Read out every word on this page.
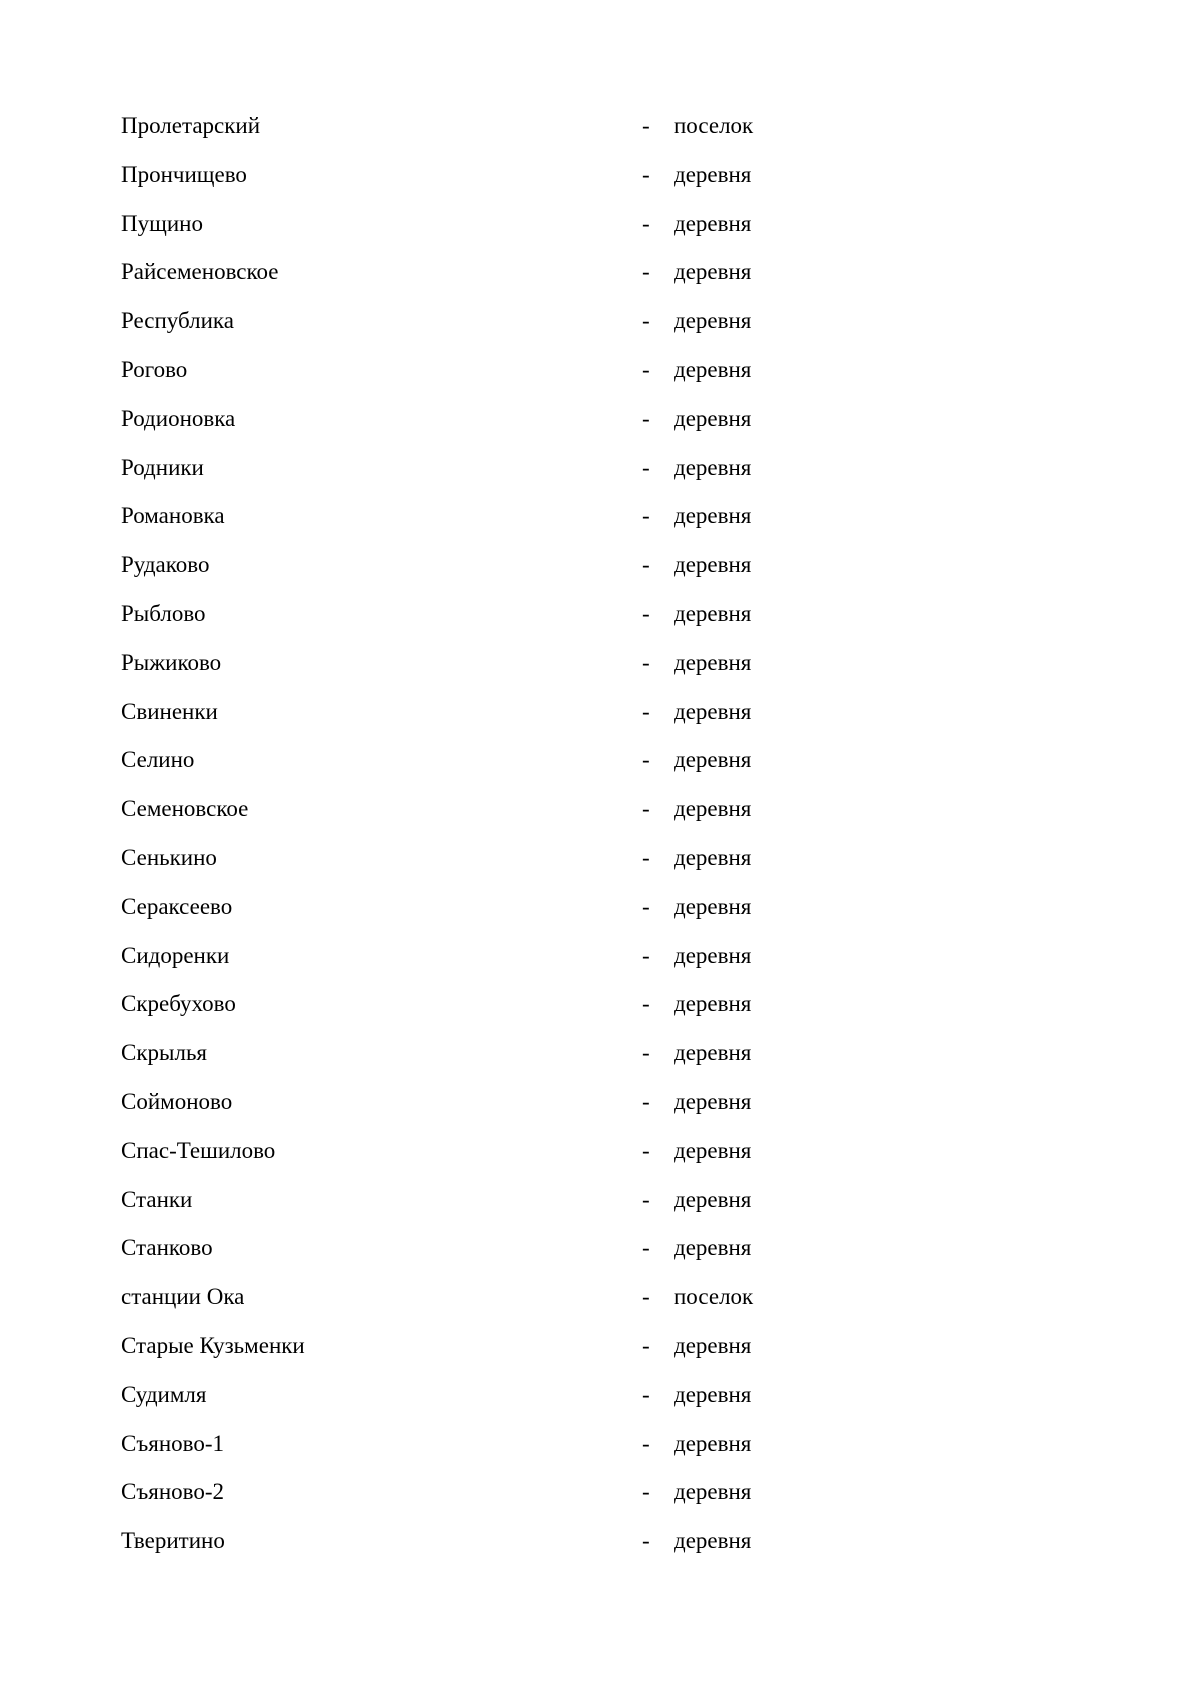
Пролетарский	- поселок
Прончищево	- деревня
Пущино	- деревня
Райсеменовское	- деревня
Республика	- деревня
Рогово	- деревня
Родионовка	- деревня
Родники	- деревня
Романовка	- деревня
Рудаково	- деревня
Рыблово	- деревня
Рыжиково	- деревня
Свиненки	- деревня
Селино	- деревня
Семеновское	- деревня
Сенькино	- деревня
Сераксеево	- деревня
Сидоренки	- деревня
Скребухово	- деревня
Скрылья	- деревня
Соймоново	- деревня
Спас-Тешилово	- деревня
Станки	- деревня
Станково	- деревня
станции Ока	- поселок
Старые Кузьменки	- деревня
Судимля	- деревня
Съяново-1	- деревня
Съяново-2	- деревня
Тверитино	- деревня
